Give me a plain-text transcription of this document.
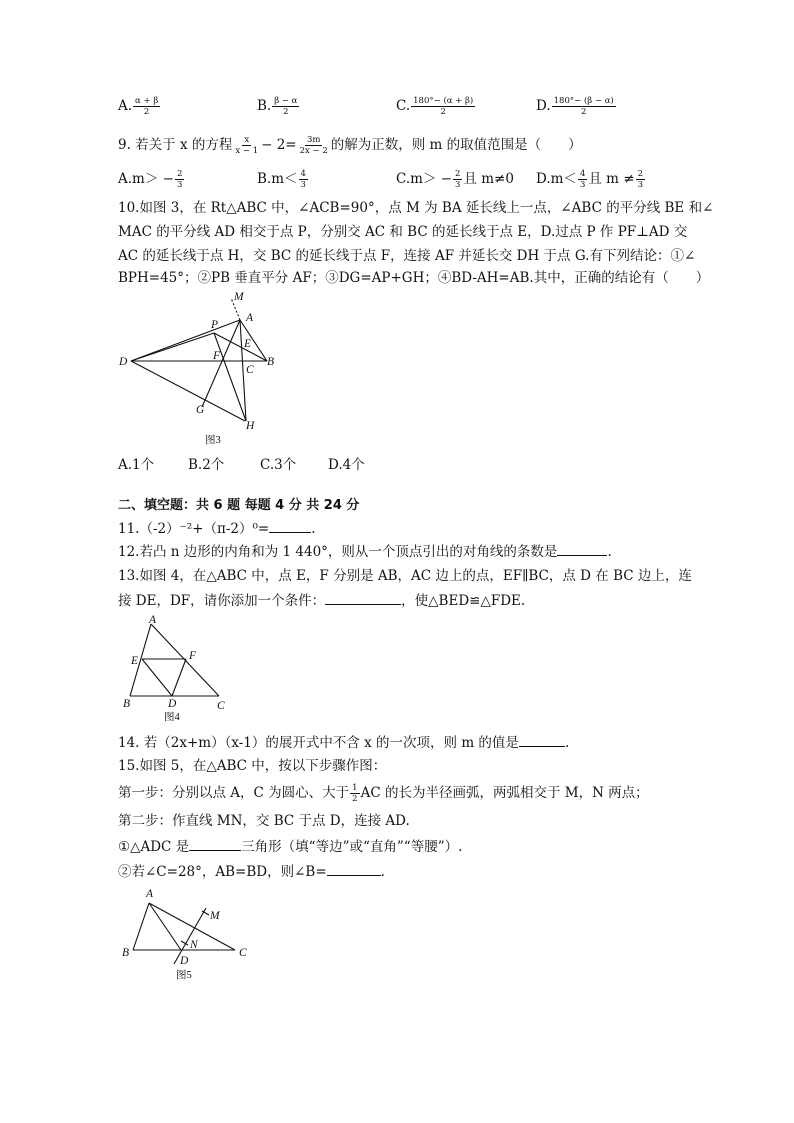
A. $\frac{\alpha + \beta}{2}$	B. $\frac{\beta - \alpha}{2}$	C. $\frac{180^\circ- (\alpha + \beta)}{2}$	D. $\frac{180^\circ- (\beta - \alpha)}{2}$
9. 若关于 x 的方程 $\frac{x}{x - 1} - 2= \frac{3m}{2x - 2}$ 的解为正数，则 m 的取值范围是（　　）
$A.m> - \frac{2}{3}$	$B.m< \frac{4}{3}$	$C.m> - \frac{2}{3}$ 且 m≠0 $D.m< \frac{4}{3}$ 且 $m \ne \frac{2}{3}$
10.如图 3，在 Rt△ABC 中，∠ACB=90°，点 M 为 BA 延长线上一点，∠ABC 的平分线 BE 和∠
MAC 的平分线 AD 相交于点 P，分别交 AC 和 BC 的延长线于点 E，D.过点 P 作 PF⊥AD 交
AC 的延长线于点 H，交 BC 的延长线于点 F，连接 AF 并延长交 DH 于点 G.有下列结论：①∠
BPH=45°；②PB 垂直平分 AF；③DG=AP+GH；④BD-AH=AB.其中，正确的结论有（　　）
M
P
A
E
F	B
C
D
G
H
图3
A.1个	B.2个	C.3个 D.4个
二、填空题：共 6 题 每题 4 分 共 24 分
11.（-2）⁻²+（π-2）⁰=	.
12.若凸 n 边形的内角和为 1 440°，则从一个顶点引出的对角线的条数是	.
13.如图 4，在△ABC 中，点 E，F 分别是 AB，AC 边上的点，EF∥BC，点 D 在 BC 边上，连
接 DE，DF，请你添加一个条件：	，使△BED≌△FDE.
A
E	F
B	D	C
图4
14. 若（2x+m）（x-1）的展开式中不含 x 的一次项，则 m 的值是	.
15.如图 5，在△ABC 中，按以下步骤作图：
第一步：分别以点 A，C 为圆心、大于 $\frac{1}{2}$ AC 的长为半径画弧，两弧相交于 M，N 两点；
第二步：作直线 MN，交 BC 于点 D，连接 AD.
①△ADC 是	三角形（填“等边”或“直角”“等腰”）.
②若∠C=28°，AB=BD，则∠B=	.
A
M
N
B
D
C
图5
